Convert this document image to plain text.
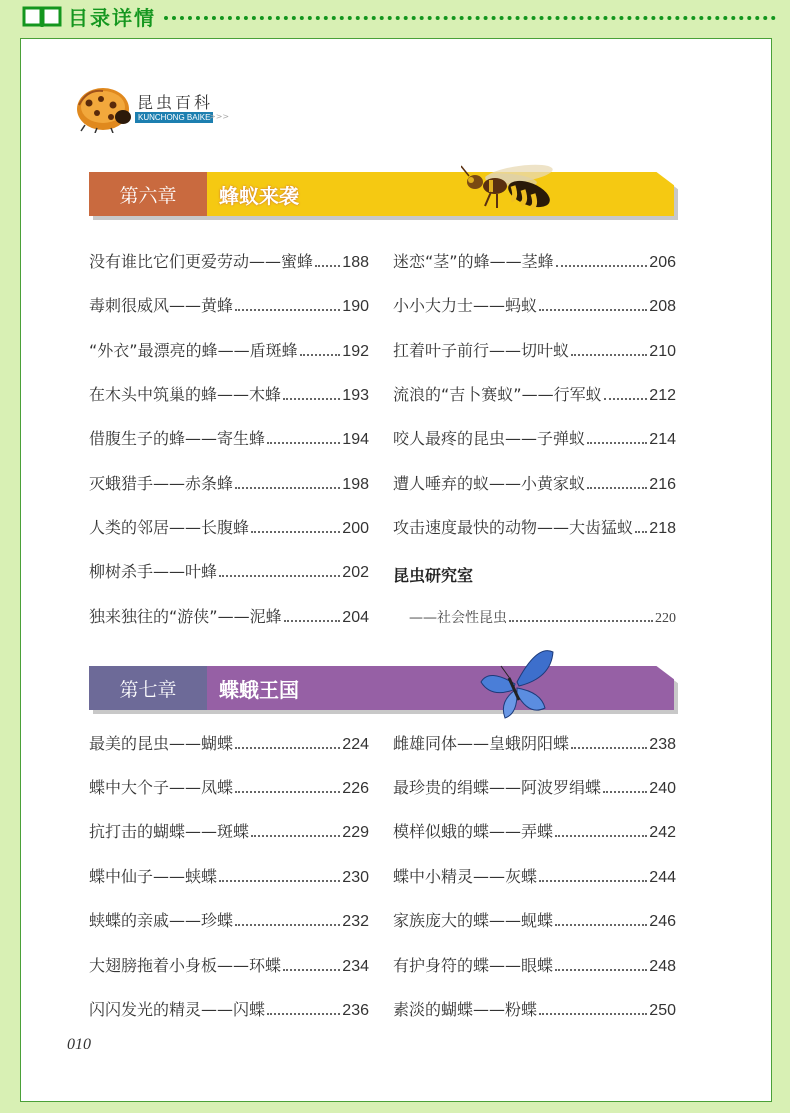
目录详情
昆虫百科
KUNCHONG BAIKE
>>>
第六章	蜂蚁来袭
没有谁比它们更爱劳动——蜜蜂 188
毒刺很威风——黄蜂	190
“外衣”最漂亮的蜂——盾斑蜂	192
在木头中筑巢的蜂——木蜂	193
借腹生子的蜂——寄生蜂	194
灭蛾猎手——赤条蜂	198
人类的邻居——长腹蜂	200
柳树杀手——叶蜂	202
独来独往的“游侠”——泥蜂	204
迷恋“茎”的蜂——茎蜂	206
小小大力士——蚂蚁	208
扛着叶子前行——切叶蚁	210
流浪的“吉卜赛蚁”——行军蚁	212
咬人最疼的昆虫——子弹蚁	214
遭人唾弃的蚁——小黄家蚁	216
攻击速度最快的动物——大齿猛蚁 218
昆虫研究室
——社会性昆虫	220
第七章	蝶蛾王国
最美的昆虫——蝴蝶	224
蝶中大个子——凤蝶	226
抗打击的蝴蝶——斑蝶	229
蝶中仙子——蛱蝶	230
蛱蝶的亲戚——珍蝶	232
大翅膀拖着小身板——环蝶	234
闪闪发光的精灵——闪蝶	236
雌雄同体——皇蛾阴阳蝶	238
最珍贵的绢蝶——阿波罗绢蝶	240
模样似蛾的蝶——弄蝶	242
蝶中小精灵——灰蝶	244
家族庞大的蝶——蚬蝶	246
有护身符的蝶——眼蝶	248
素淡的蝴蝶——粉蝶	250
010
